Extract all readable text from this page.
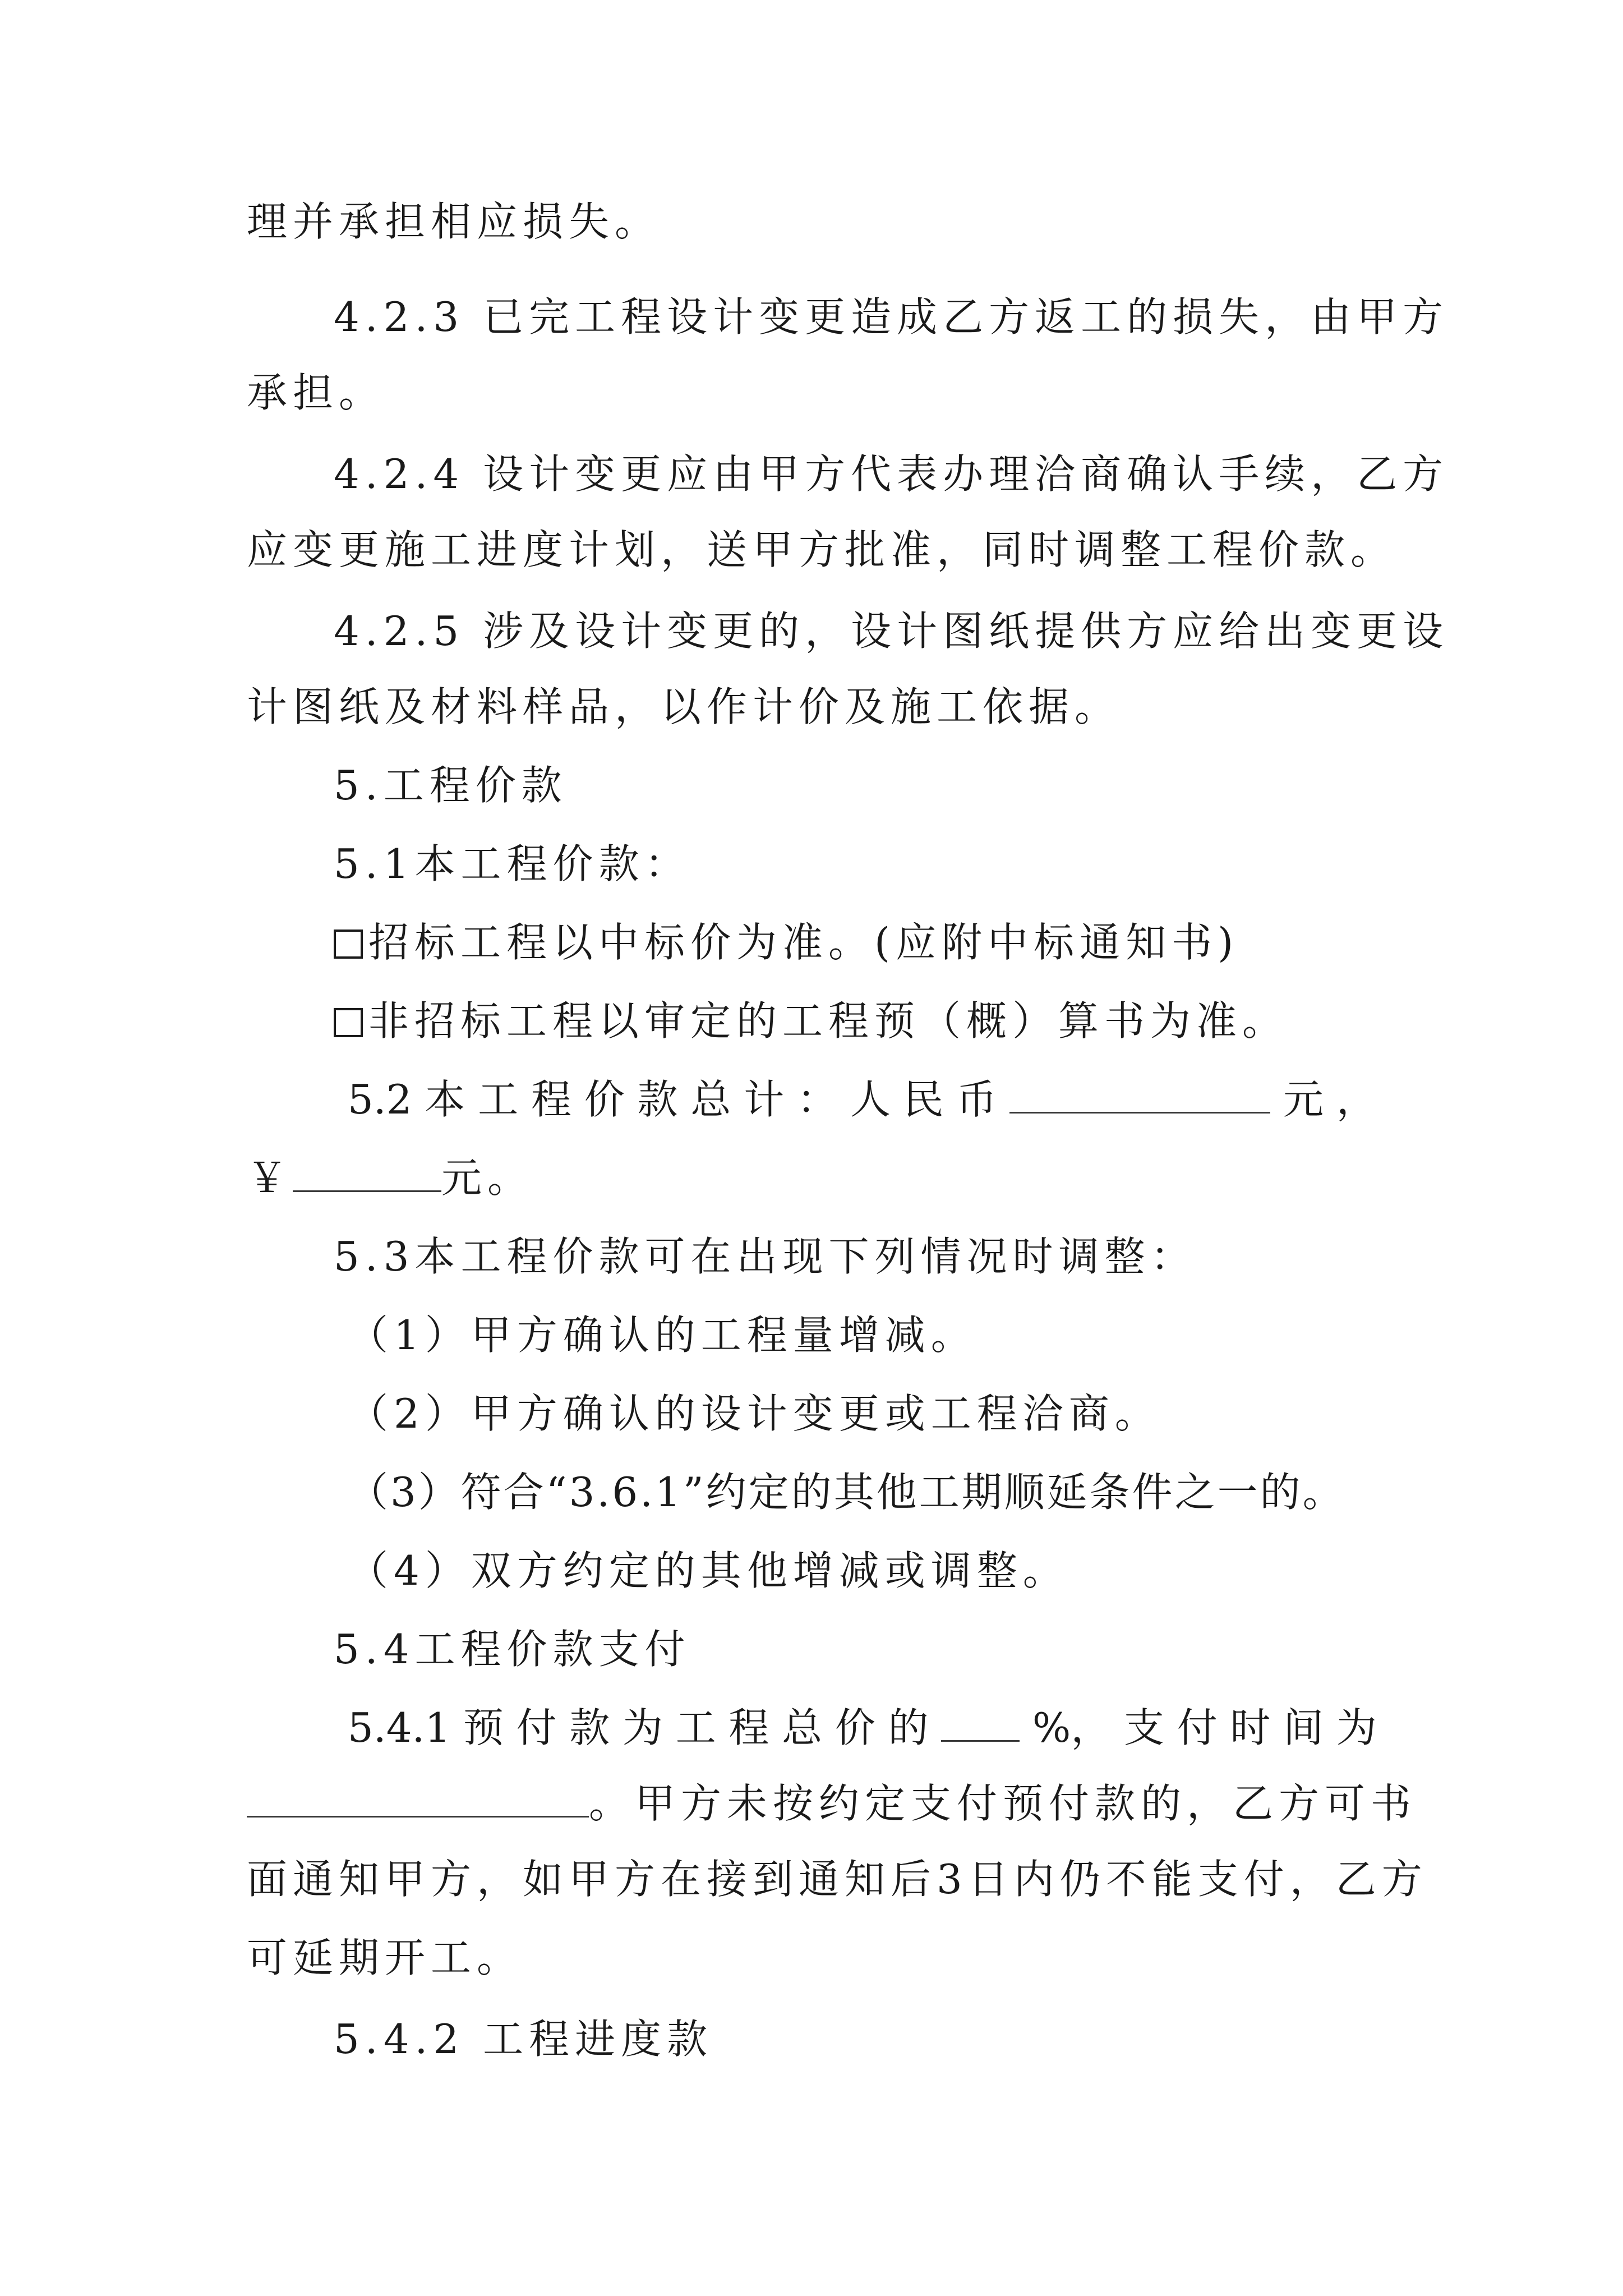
理并承担相应损失。
4.2.3 已完工程设计变更造成乙方返工的损失，由甲方
承担。
4.2.4 设计变更应由甲方代表办理洽商确认手续，乙方
应变更施工进度计划，送甲方批准，同时调整工程价款。
4.2.5 涉及设计变更的，设计图纸提供方应给出变更设
计图纸及材料样品，以作计价及施工依据。
5.工程价款
5.1本工程价款：
招标工程以中标价为准。(应附中标通知书)
非招标工程以审定的工程预（概）算书为准。
5.2 本 工 程 价 款 总 计 ： 人 民 币	元 ，
￥	元。
5.3本工程价款可在出现下列情况时调整：
（1）甲方确认的工程量增减。
（2）甲方确认的设计变更或工程洽商。
（3）符合“3.6.1”约定的其他工期顺延条件之一的。
（4）双方约定的其他增减或调整。
5.4工程价款支付
5.4.1 预 付 款 为 工 程 总 价 的	%， 支 付 时 间 为
。甲方未按约定支付预付款的，乙方可书
面通知甲方，如甲方在接到通知后3日内仍不能支付，乙方
可延期开工。
5.4.2 工程进度款
